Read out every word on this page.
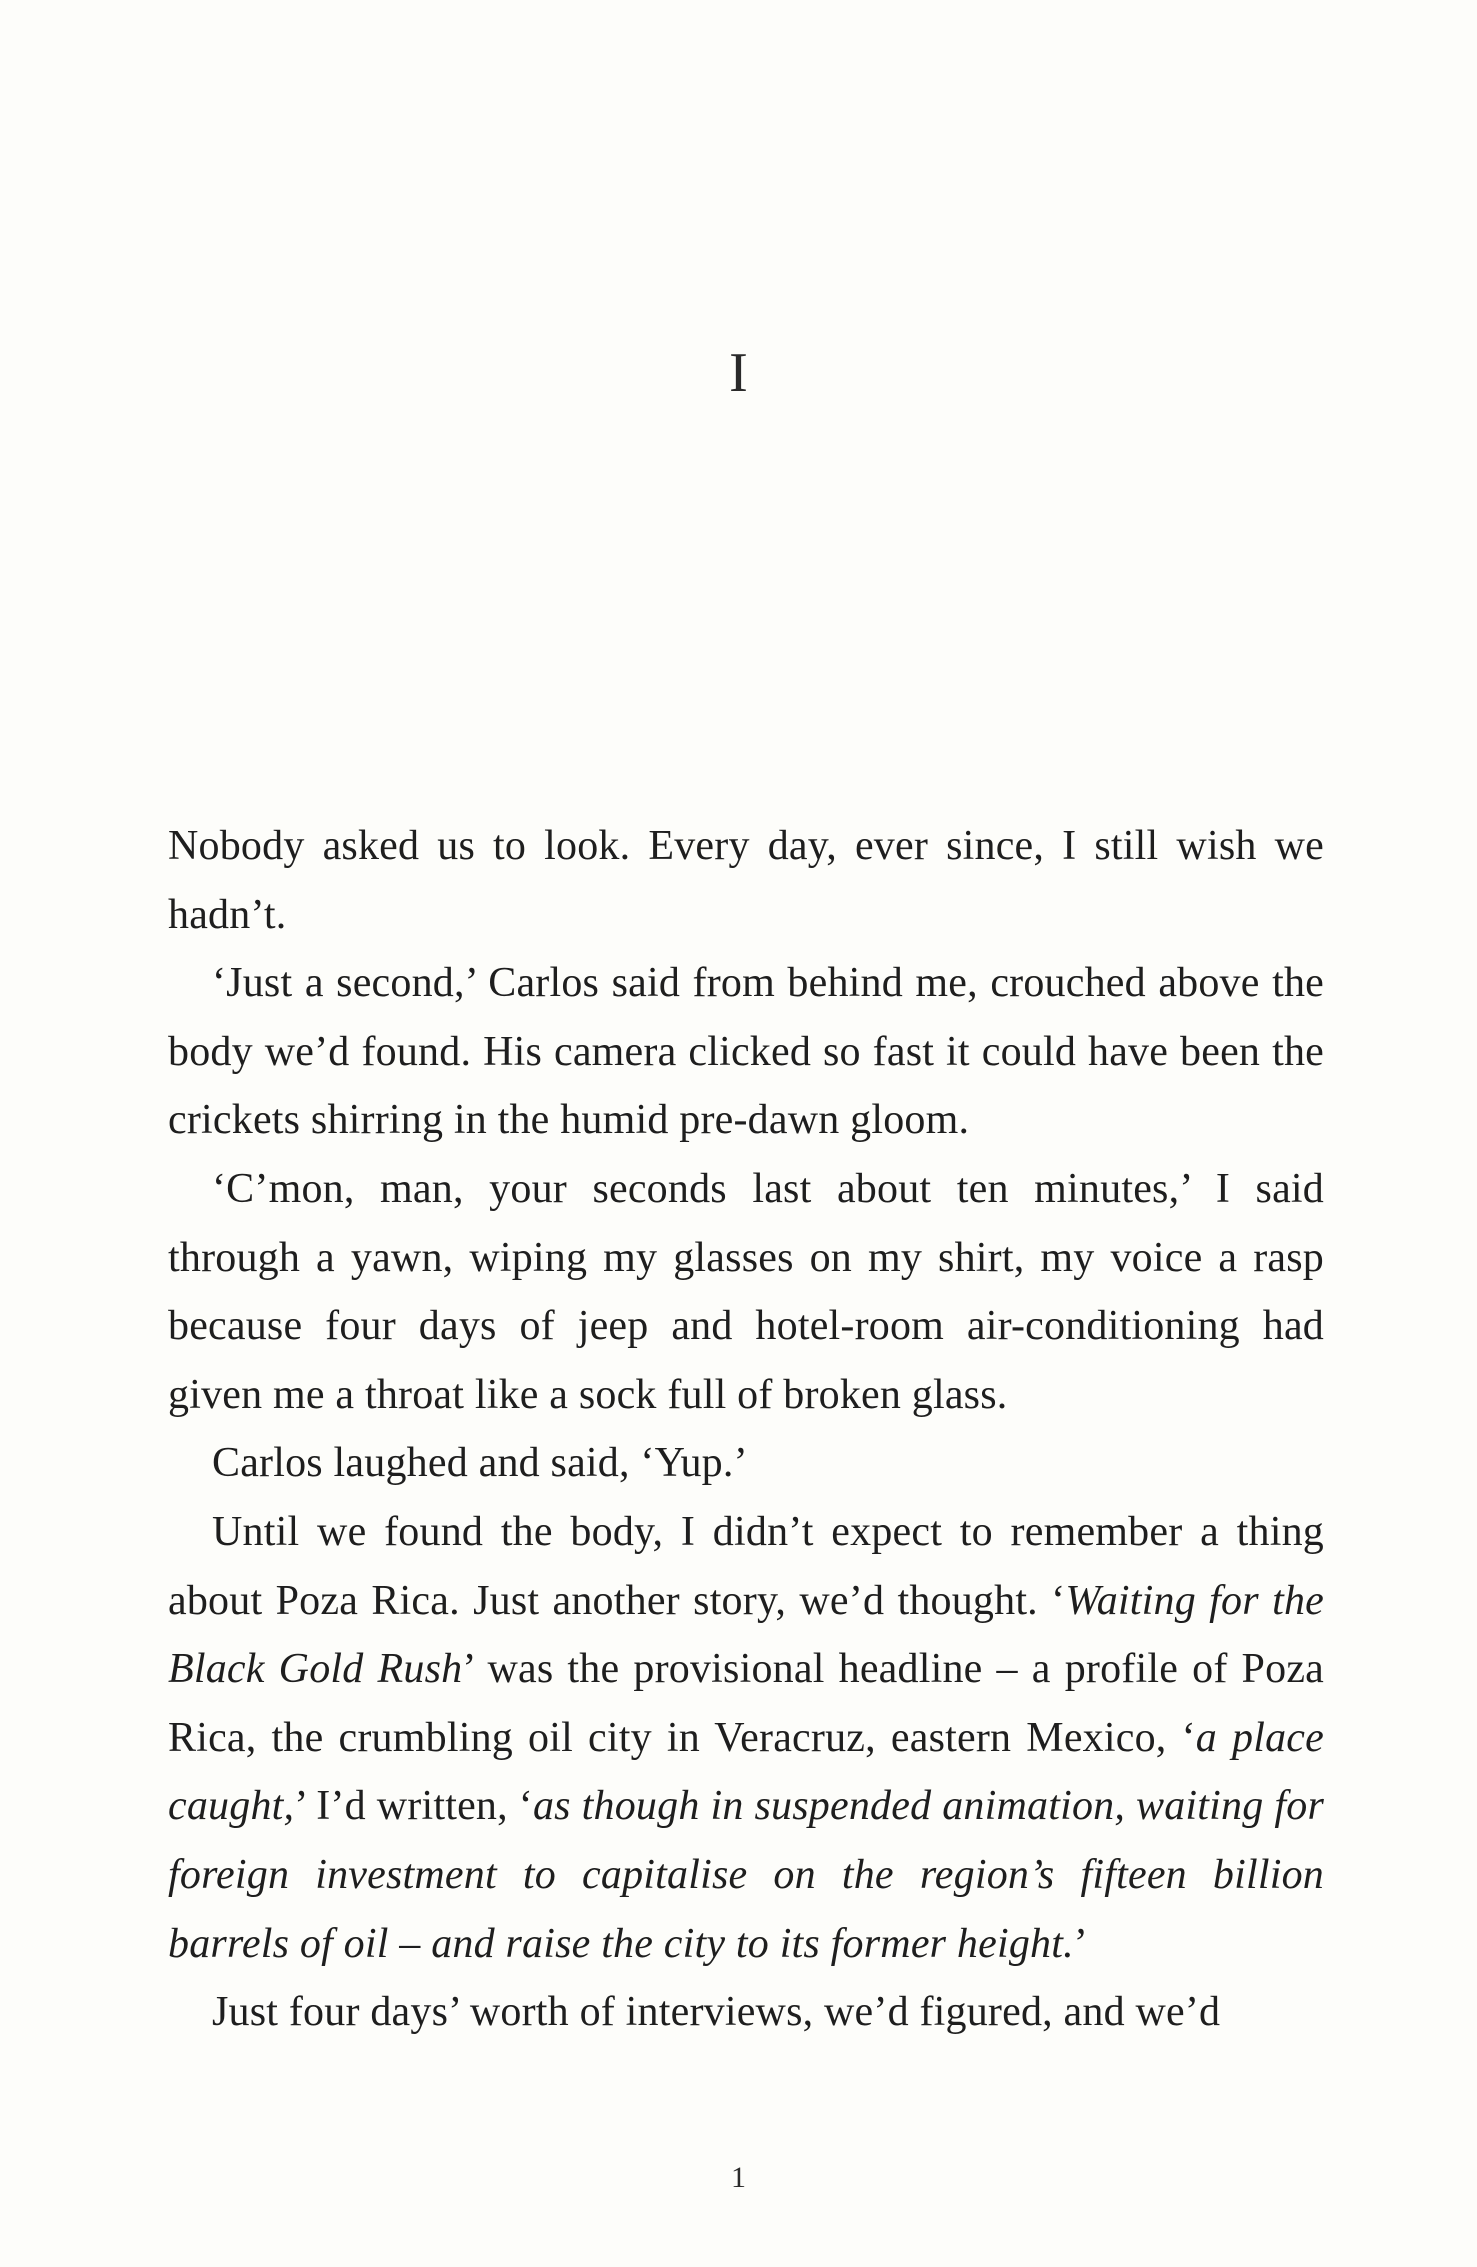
I

Nobody asked us to look. Every day, ever since, I still wish we hadn’t.

‘Just a second,’ Carlos said from behind me, crouched above the body we’d found. His camera clicked so fast it could have been the crickets shirring in the humid pre-dawn gloom.

‘C’mon, man, your seconds last about ten minutes,’ I said through a yawn, wiping my glasses on my shirt, my voice a rasp because four days of jeep and hotel-room air-conditioning had given me a throat like a sock full of broken glass.

Carlos laughed and said, ‘Yup.’

Until we found the body, I didn’t expect to remember a thing about Poza Rica. Just another story, we’d thought. ‘Waiting for the Black Gold Rush’ was the provisional headline – a profile of Poza Rica, the crumbling oil city in Veracruz, eastern Mexico, ‘a place caught,’ I’d written, ‘as though in suspended animation, waiting for foreign investment to capitalise on the region’s fifteen billion barrels of oil – and raise the city to its former height.’

Just four days’ worth of interviews, we’d figured, and we’d

1
